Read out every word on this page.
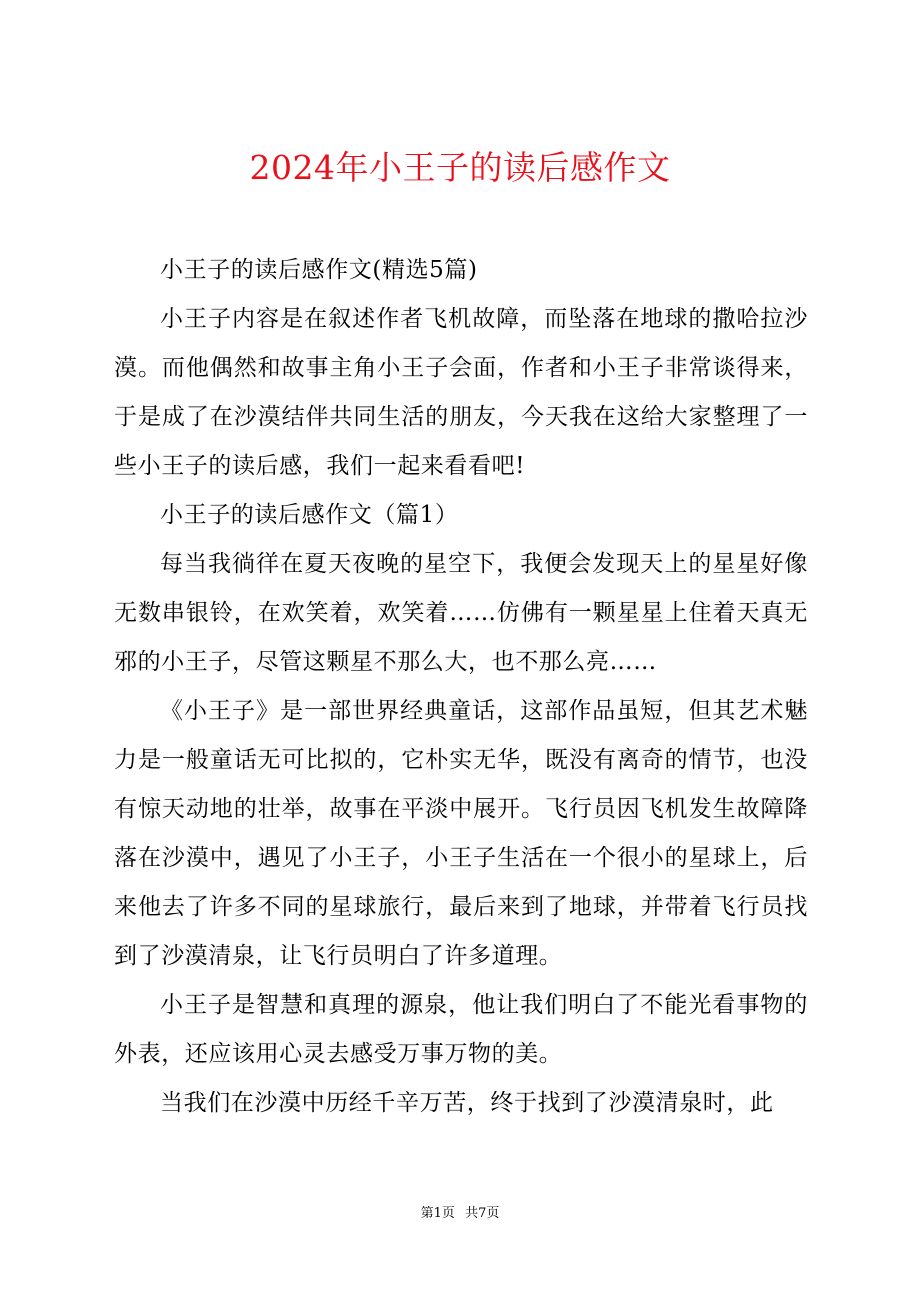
2024年小王子的读后感作文

小王子的读后感作文(精选5篇)

小王子内容是在叙述作者飞机故障，而坠落在地球的撒哈拉沙漠。而他偶然和故事主角小王子会面，作者和小王子非常谈得来，于是成了在沙漠结伴共同生活的朋友，今天我在这给大家整理了一些小王子的读后感，我们一起来看看吧!

小王子的读后感作文（篇1）

每当我徜徉在夏天夜晚的星空下，我便会发现天上的星星好像无数串银铃，在欢笑着，欢笑着……仿佛有一颗星星上住着天真无邪的小王子，尽管这颗星不那么大，也不那么亮……

《小王子》是一部世界经典童话，这部作品虽短，但其艺术魅力是一般童话无可比拟的，它朴实无华，既没有离奇的情节，也没有惊天动地的壮举，故事在平淡中展开。飞行员因飞机发生故障降落在沙漠中，遇见了小王子，小王子生活在一个很小的星球上，后来他去了许多不同的星球旅行，最后来到了地球，并带着飞行员找到了沙漠清泉，让飞行员明白了许多道理。

小王子是智慧和真理的源泉，他让我们明白了不能光看事物的外表，还应该用心灵去感受万事万物的美。

当我们在沙漠中历经千辛万苦，终于找到了沙漠清泉时，此

第1页 共7页
